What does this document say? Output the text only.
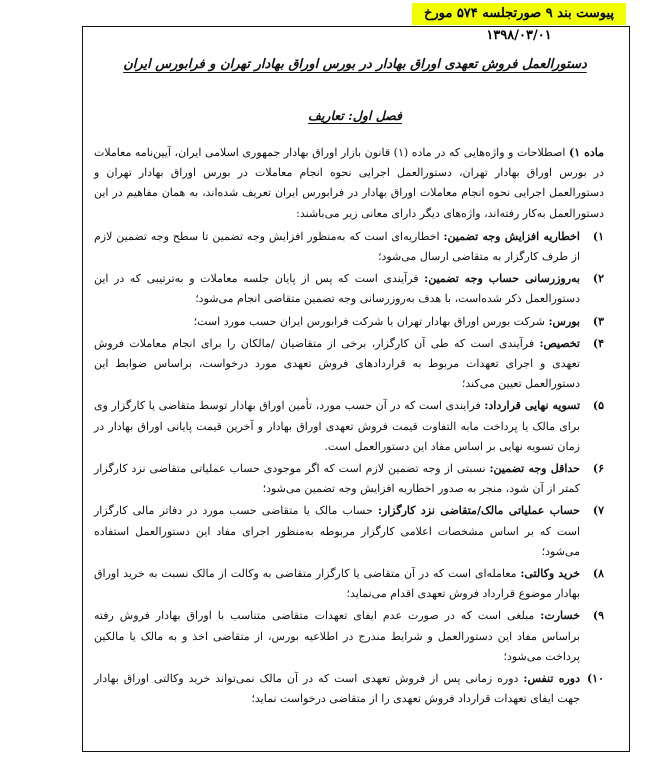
پیوست بند ۹ صورتجلسه ۵۷۴ مورخ ۱۳۹۸/۰۳/۰۱
دستورالعمل فروش تعهدی اوراق بهادار در بورس اوراق بهادار تهران و فرابورس ایران
فصل اول: تعاریف

ماده ۱) اصطلاحات و واژه‌هایی که در ماده (۱) قانون بازار اوراق بهادار جمهوری اسلامی ایران، آیین‌نامه معاملات در بورس اوراق بهادار تهران، دستورالعمل اجرایی نحوه انجام معاملات در بورس اوراق بهادار تهران و دستورالعمل اجرایی نحوه انجام معاملات اوراق بهادار در فرابورس ایران تعریف شده‌اند، به همان مفاهیم در این دستورالعمل به‌کار رفته‌اند، واژه‌های دیگر دارای معانی زیر می‌باشند:

۱)
اخطاریه افزایش وجه تضمین: اخطاریه‌ای است که به‌منظور افزایش وجه تضمین تا سطح وجه تضمین لازم از طرف کارگزار به متقاضی ارسال می‌شود؛
۲)
به‌روزرسانی حساب وجه تضمین: فرآیندی است که پس از پایان جلسه معاملات و به‌ترتیبی که در این دستورالعمل ذکر شده‌است، با هدف به‌روزرسانی وجه تضمین متقاضی انجام می‌شود؛
۳)
بورس: شرکت بورس اوراق بهادار تهران یا شرکت فرابورس ایران حسب مورد است؛
۴)
تخصیص: فرآیندی است که طی آن کارگزار، برخی از متقاضیان /مالکان را برای انجام معاملات فروش تعهدی و اجرای تعهدات مربوط به قراردادهای فروش تعهدی مورد درخواست، براساس ضوابط این دستورالعمل تعیین می‌کند؛
۵)
تسویه نهایی قرارداد: فرایندی است که در آن حسب مورد، تأمین اوراق بهادار توسط متقاضی یا کارگزار وی برای مالک یا پرداخت مابه التفاوت قیمت فروش تعهدی اوراق بهادار و آخرین قیمت پایانی اوراق بهادار در زمان تسویه نهایی بر اساس مفاد این دستورالعمل است.
۶)
حداقل وجه تضمین: نسبتی از وجه تضمین لازم است که اگر موجودی حساب عملیاتی متقاضی نزد کارگزار کمتر از آن شود، منجر به صدور اخطاریه افزایش وجه تضمین می‌شود؛
۷)
حساب عملیاتی مالک/متقاضی نزد کارگزار: حساب مالک یا متقاضی حسب مورد در دفاتر مالی کارگزار است که بر اساس مشخصات اعلامی کارگزار مربوطه به‌منظور اجرای مفاد این دستورالعمل استفاده می‌شود؛
۸)
خرید وکالتی: معامله‌ای است که در آن متقاضی یا کارگزار متقاضی به وکالت از مالک نسبت به خرید اوراق بهادار موضوع قرارداد فروش تعهدی اقدام می‌نماید؛
۹)
خسارت: مبلغی است که در صورت عدم ایفای تعهدات متقاضی متناسب با اوراق بهادار فروش رفته براساس مفاد این دستورالعمل و شرایط مندرج در اطلاعیه بورس، از متقاضی اخذ و به مالک یا مالکین پرداخت می‌شود؛
۱۰)
دوره تنفس: دوره زمانی پس از فروش تعهدی است که در آن مالک نمی‌تواند خرید وکالتی اوراق بهادار جهت ایفای تعهدات قرارداد فروش تعهدی را از متقاضی درخواست نماید؛
